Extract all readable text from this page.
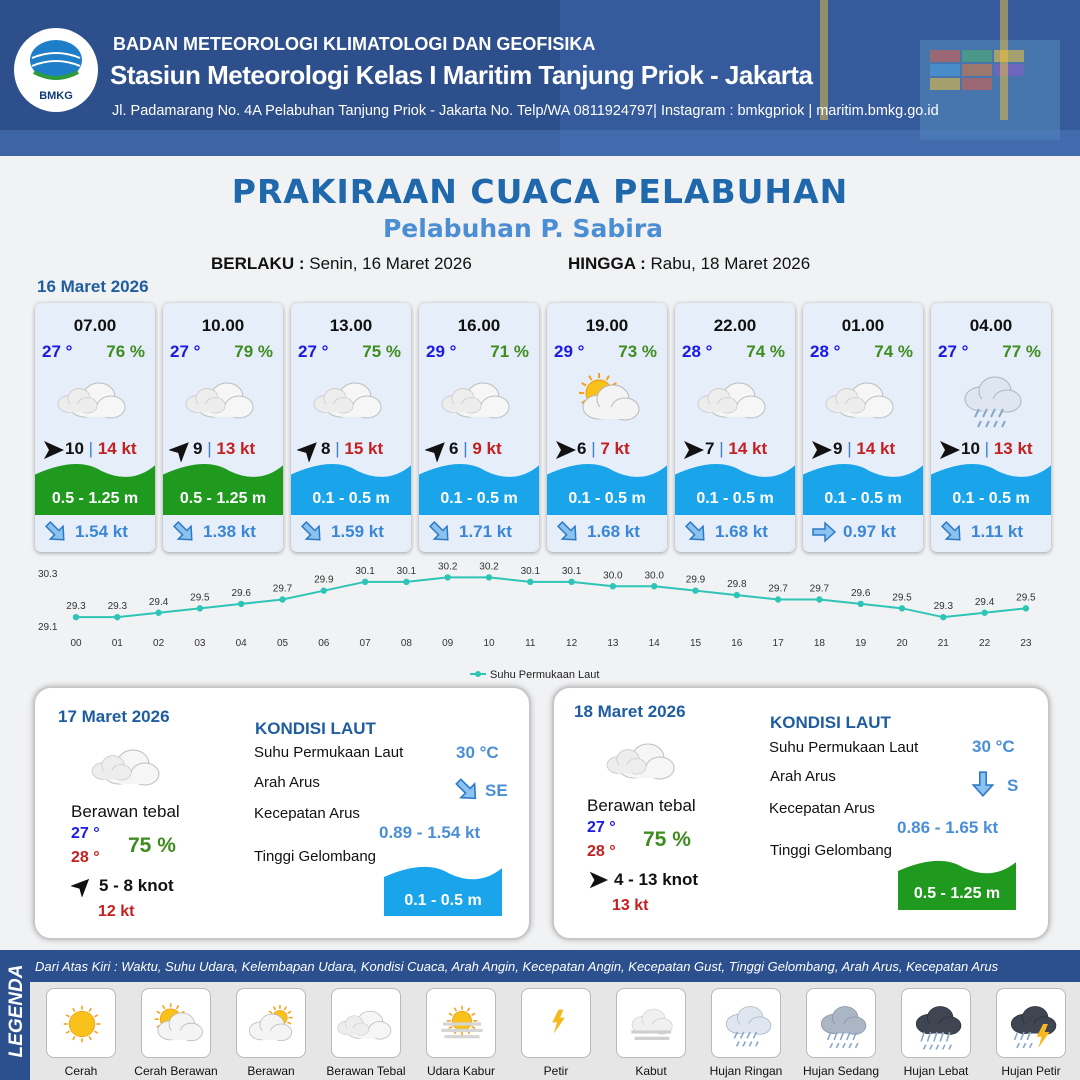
BMKG
BADAN METEOROLOGI KLIMATOLOGI DAN GEOFISIKA
Stasiun Meteorologi Kelas I Maritim Tanjung Priok - Jakarta
Jl. Padamarang No. 4A Pelabuhan Tanjung Priok - Jakarta No. Telp/WA 0811924797| Instagram : bmkgpriok | maritim.bmkg.go.id
PRAKIRAAN CUACA PELABUHAN
Pelabuhan P. Sabira
BERLAKU : Senin, 16 Maret 2026	HINGGA : Rabu, 18 Maret 2026
16 Maret 2026
07.00
27 ° 76 %
10 | 14 kt
0.5 - 1.25 m
1.54 kt
10.00
27 ° 79 %
9 | 13 kt
0.5 - 1.25 m
1.38 kt
13.00
27 ° 75 %
8 | 15 kt
0.1 - 0.5 m
1.59 kt
16.00
29 ° 71 %
6 | 9 kt
0.1 - 0.5 m
1.71 kt
19.00
29 ° 73 %
6 | 7 kt
0.1 - 0.5 m
1.68 kt
22.00
28 ° 74 %
7 | 14 kt
0.1 - 0.5 m
1.68 kt
01.00
28 ° 74 %
9 | 14 kt
0.1 - 0.5 m
0.97 kt
04.00
27 ° 77 %
10 | 13 kt
0.1 - 0.5 m
1.11 kt
30.3
29.1
29.3
00
29.3
01
29.4
02
29.5
03
29.6
04
29.7
05
29.9
06
30.1
07
30.1
08
30.2
09
30.2
10
30.1
11
30.1
12
30.0
13
30.0
14
29.9
15
29.8
16
29.7
17
29.7
18
29.6
19
29.5
20
29.3
21
29.4
22
29.5
23
Suhu Permukaan Laut
17 Maret 2026
Berawan tebal
27 °
28 °
75 %
5 - 8 knot
12 kt
KONDISI LAUT
Suhu Permukaan Laut	30 °C
Arah Arus	SE
Kecepatan Arus
0.89 - 1.54 kt
Tinggi Gelombang
0.1 - 0.5 m
18 Maret 2026
Berawan tebal
27 °
28 °
75 %
4 - 13 knot
13 kt
KONDISI LAUT
Suhu Permukaan Laut	30 °C
Arah Arus	S
Kecepatan Arus
0.86 - 1.65 kt
Tinggi Gelombang
0.5 - 1.25 m
LEGENDA Dari Atas Kiri : Waktu, Suhu Udara, Kelembapan Udara, Kondisi Cuaca, Arah Angin, Kecepatan Angin, Kecepatan Gust, Tinggi Gelombang, Arah Arus, Kecepatan Arus
Cerah	Cerah Berawan	Berawan	Berawan Tebal	Udara Kabur	Petir	Kabut	Hujan Ringan	Hujan Sedang	Hujan Lebat	Hujan Petir
